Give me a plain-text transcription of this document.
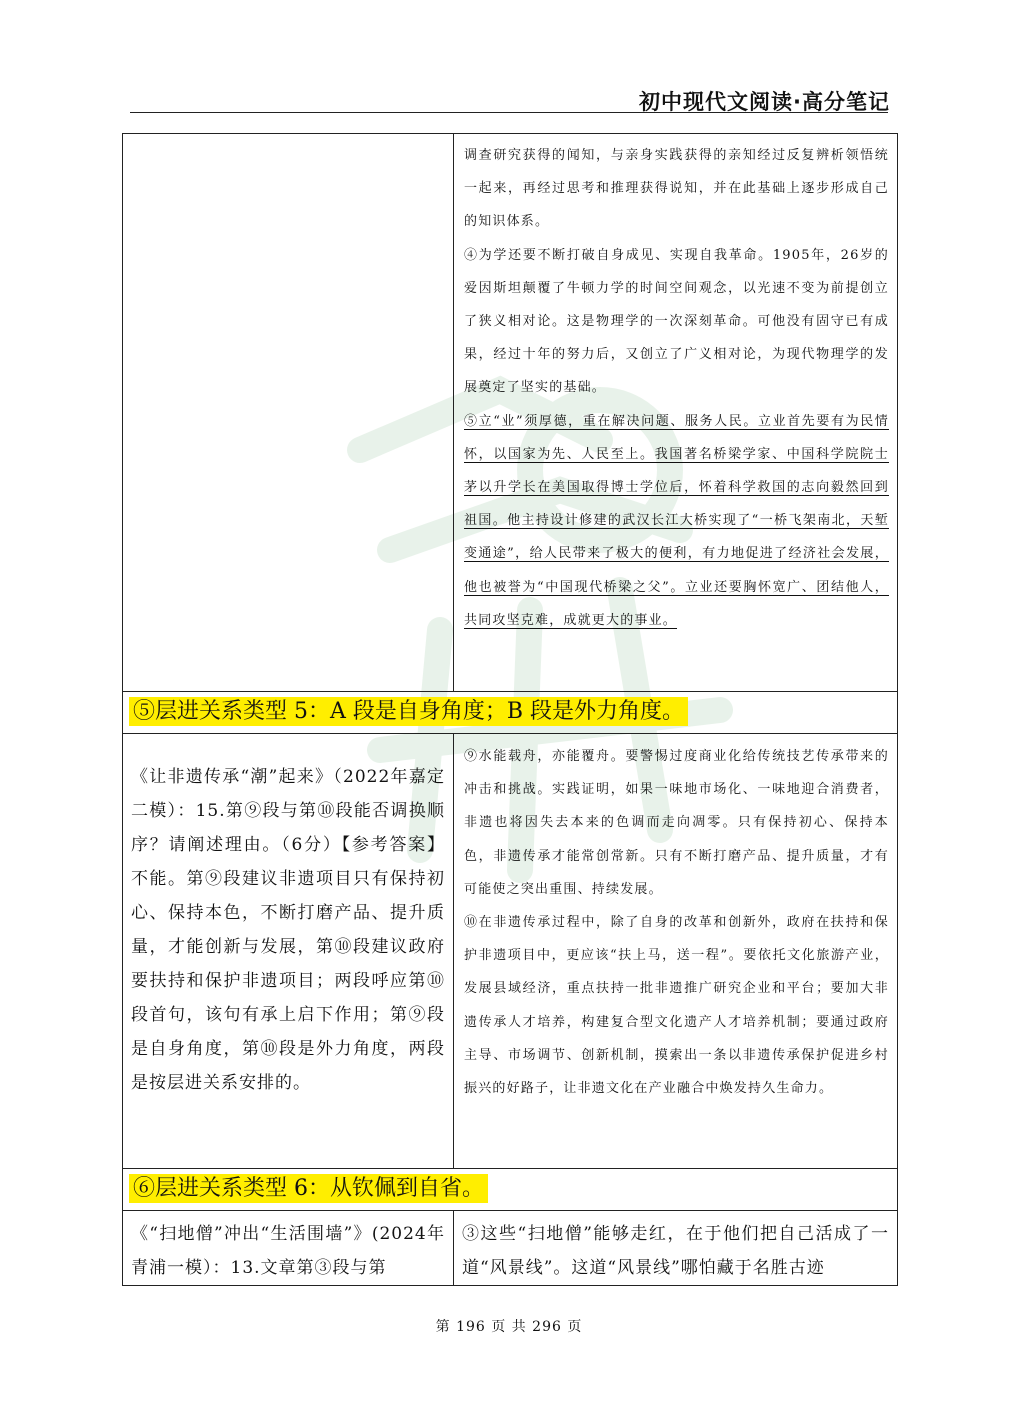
初中现代文阅读·高分笔记

	调查研究获得的闻知，与亲身实践获得的亲知经过反复辨析领悟统一起来，再经过思考和推理获得说知，并在此基础上逐步形成自己的知识体系。

④为学还要不断打破自身成见、实现自我革命。1905年，26岁的爱因斯坦颠覆了牛顿力学的时间空间观念，以光速不变为前提创立了狭义相对论。这是物理学的一次深刻革命。可他没有固守已有成果，经过十年的努力后，又创立了广义相对论，为现代物理学的发展奠定了坚实的基础。

⑤立“业”须厚德，重在解决问题、服务人民。立业首先要有为民情怀，以国家为先、人民至上。我国著名桥梁学家、中国科学院院士茅以升学长在美国取得博士学位后，怀着科学救国的志向毅然回到祖国。他主持设计修建的武汉长江大桥实现了“一桥飞架南北，天堑变通途”，给人民带来了极大的便利，有力地促进了经济社会发展，他也被誉为“中国现代桥梁之父”。立业还要胸怀宽广、团结他人，共同攻坚克难，成就更大的事业。

⑤层进关系类型 5：A 段是自身角度；B 段是外力角度。	

《让非遗传承“潮”起来》（2022年嘉定二模）：15.第⑨段与第⑩段能否调换顺序？请阐述理由。（6分）【参考答案】不能。第⑨段建议非遗项目只有保持初心、保持本色，不断打磨产品、提升质量，才能创新与发展，第⑩段建议政府要扶持和保护非遗项目；两段呼应第⑩段首句，该句有承上启下作用；第⑨段是自身角度，第⑩段是外力角度，两段是按层进关系安排的。	⑨水能载舟，亦能覆舟。要警惕过度商业化给传统技艺传承带来的冲击和挑战。实践证明，如果一味地市场化、一味地迎合消费者，非遗也将因失去本来的色调而走向凋零。只有保持初心、保持本色，非遗传承才能常创常新。只有不断打磨产品、提升质量，才有可能使之突出重围、持续发展。

⑩在非遗传承过程中，除了自身的改革和创新外，政府在扶持和保护非遗项目中，更应该“扶上马，送一程”。要依托文化旅游产业，发展县域经济，重点扶持一批非遗推广研究企业和平台；要加大非遗传承人才培养，构建复合型文化遗产人才培养机制；要通过政府主导、市场调节、创新机制，摸索出一条以非遗传承保护促进乡村振兴的好路子，让非遗文化在产业融合中焕发持久生命力。

⑥层进关系类型 6：从钦佩到自省。	

《“扫地僧”冲出“生活围墙”》(2024年青浦一模）：13.文章第③段与第	③这些“扫地僧”能够走红，在于他们把自己活成了一道“风景线”。这道“风景线”哪怕藏于名胜古迹
第 196 页 共 296 页
